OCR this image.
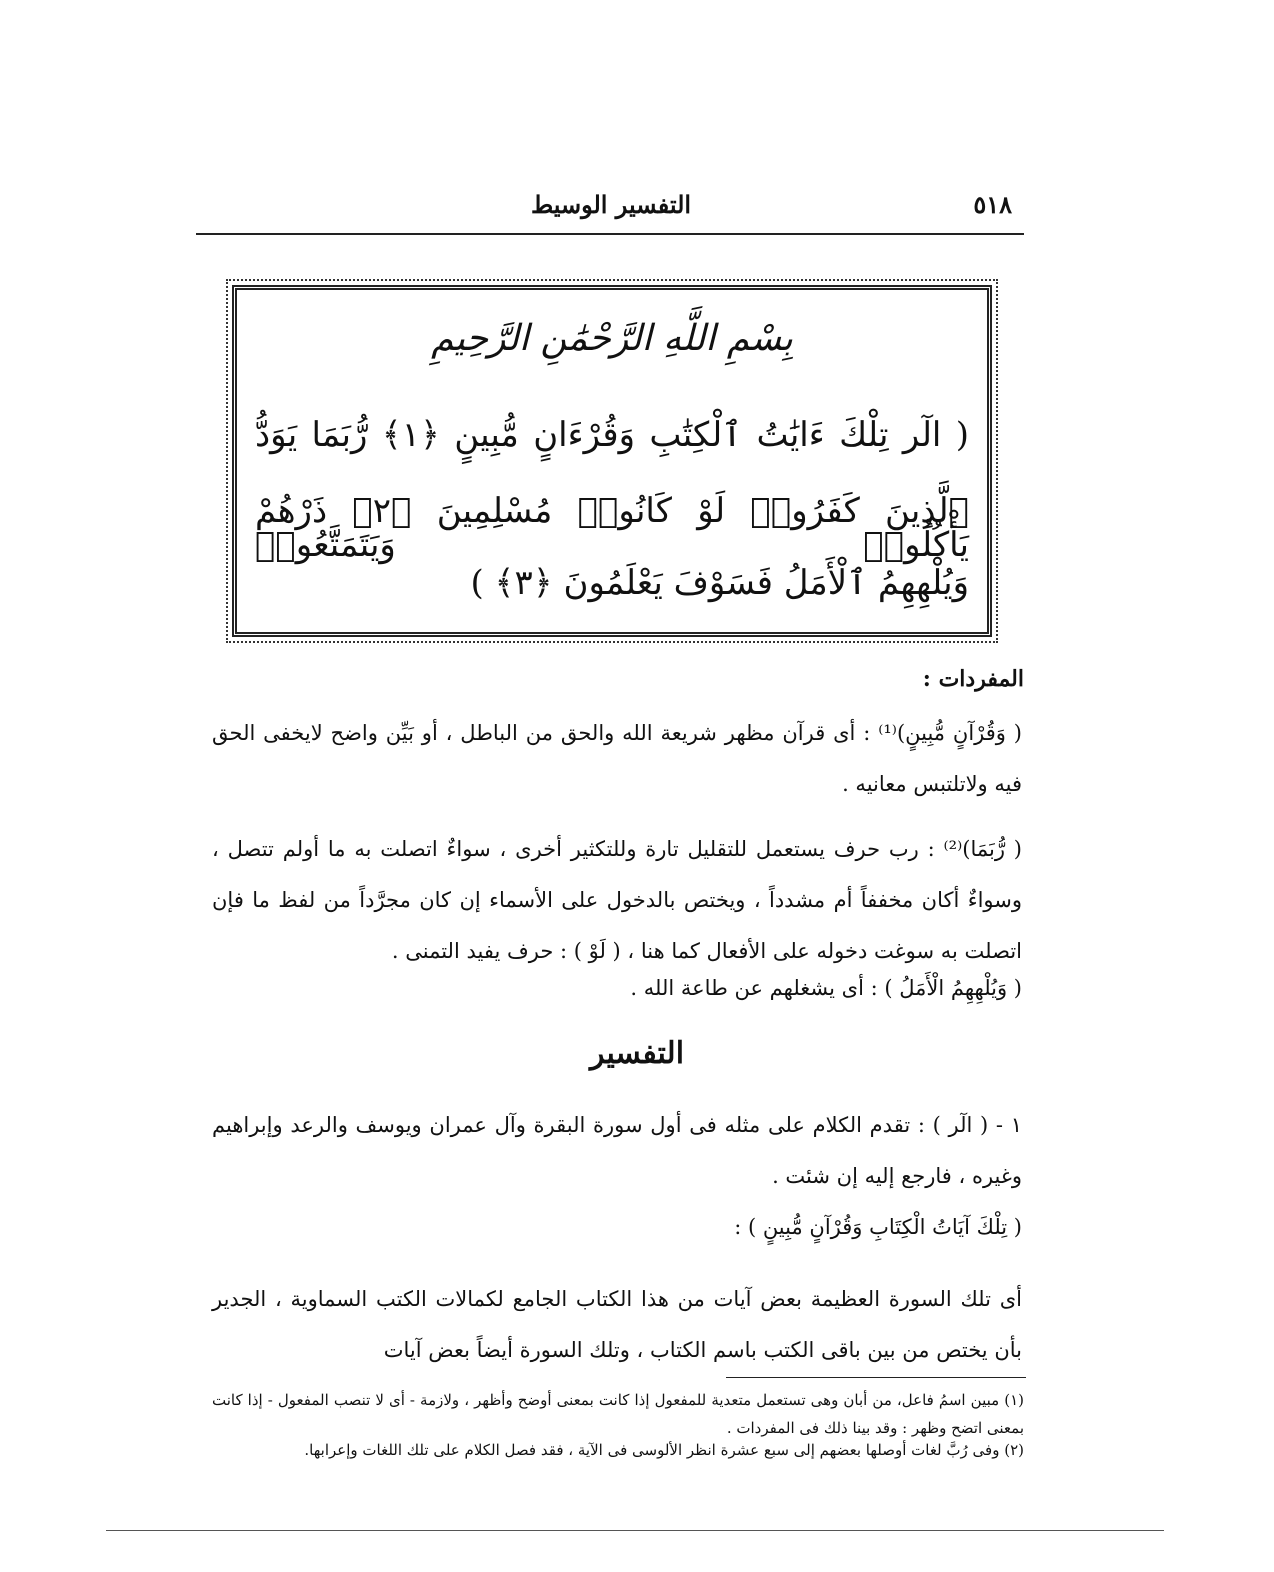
٥١٨
التفسير الوسيط
بِسْمِ اللَّهِ الرَّحْمَٰنِ الرَّحِيمِ
( الٓر تِلْكَ ءَايَٰتُ ٱلْكِتَٰبِ وَقُرْءَانٍ مُّبِينٍ ﴿١﴾ رُّبَمَا يَوَدُّ
ٱلَّذِينَ كَفَرُوا۟ لَوْ كَانُوا۟ مُسْلِمِينَ ﴿٢﴾ ذَرْهُمْ يَأْكُلُوا۟ وَيَتَمَتَّعُوا۟
وَيُلْهِهِمُ ٱلْأَمَلُ فَسَوْفَ يَعْلَمُونَ ﴿٣﴾ )
المفردات :
( وَقُرْآنٍ مُّبِينٍ)⁽¹⁾ : أى قرآن مظهر شريعة الله والحق من الباطل ، أو بَيِّن واضح لايخفى الحق فيه ولاتلتبس معانيه .
( رُّبَمَا)⁽²⁾ : رب حرف يستعمل للتقليل تارة وللتكثير أخرى ، سواءٌ اتصلت به ما أولم تتصل ، وسواءٌ أكان مخففاً أم مشدداً ، ويختص بالدخول على الأسماء إن كان مجرَّداً من لفظ ما فإن اتصلت به سوغت دخوله على الأفعال كما هنا ، ( لَوْ ) : حرف يفيد التمنى .
( وَيُلْهِهِمُ الْأَمَلُ ) : أى يشغلهم عن طاعة الله .
التفسير
١ - ( الٓر ) : تقدم الكلام على مثله فى أول سورة البقرة وآل عمران ويوسف والرعد وإبراهيم وغيره ، فارجع إليه إن شئت .
( تِلْكَ آيَاتُ الْكِتَابِ وَقُرْآنٍ مُّبِينٍ ) :
أى تلك السورة العظيمة بعض آيات من هذا الكتاب الجامع لكمالات الكتب السماوية ، الجدير بأن يختص من بين باقى الكتب باسم الكتاب ، وتلك السورة أيضاً بعض آيات
(١) مبين اسمُ فاعل، من أبان وهى تستعمل متعدية للمفعول إذا كانت بمعنى أوضح وأظهر ، ولازمة - أى لا تنصب المفعول - إذا كانت بمعنى اتضح وظهر : وقد بينا ذلك فى المفردات .
(٢) وفى رُبَّ لغات أوصلها بعضهم إلى سبع عشرة انظر الألوسى فى الآية ، فقد فصل الكلام على تلك اللغات وإعرابها.
